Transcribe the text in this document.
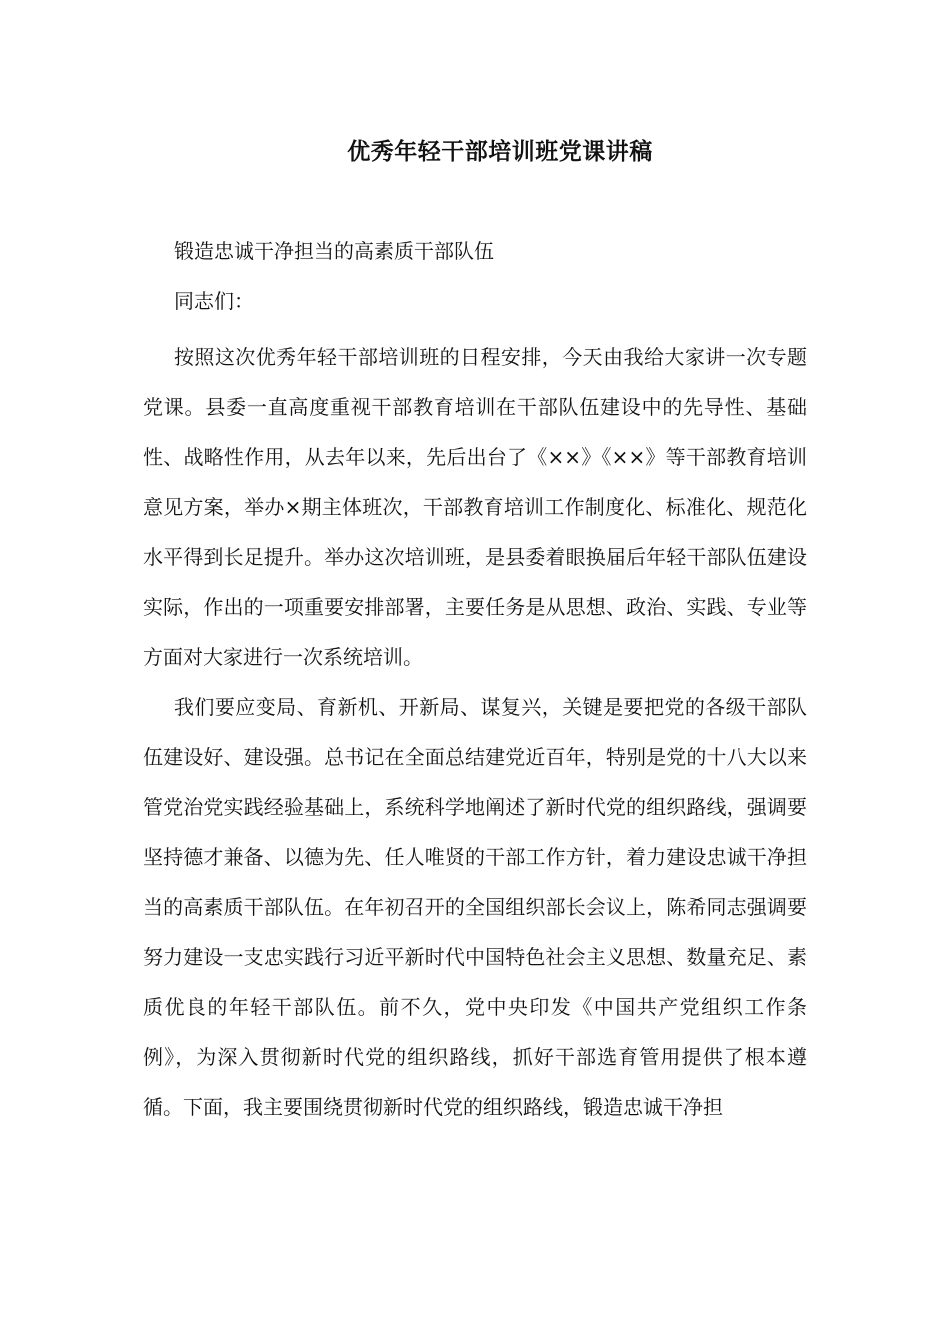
优秀年轻干部培训班党课讲稿

锻造忠诚干净担当的高素质干部队伍

同志们：

按照这次优秀年轻干部培训班的日程安排，今天由我给大家讲一次专题党课。县委一直高度重视干部教育培训在干部队伍建设中的先导性、基础性、战略性作用，从去年以来，先后出台了《××》《××》等干部教育培训意见方案，举办×期主体班次，干部教育培训工作制度化、标准化、规范化水平得到长足提升。举办这次培训班，是县委着眼换届后年轻干部队伍建设实际，作出的一项重要安排部署，主要任务是从思想、政治、实践、专业等方面对大家进行一次系统培训。

我们要应变局、育新机、开新局、谋复兴，关键是要把党的各级干部队伍建设好、建设强。总书记在全面总结建党近百年，特别是党的十八大以来管党治党实践经验基础上，系统科学地阐述了新时代党的组织路线，强调要坚持德才兼备、以德为先、任人唯贤的干部工作方针，着力建设忠诚干净担当的高素质干部队伍。在年初召开的全国组织部长会议上，陈希同志强调要努力建设一支忠实践行习近平新时代中国特色社会主义思想、数量充足、素质优良的年轻干部队伍。前不久，党中央印发《中国共产党组织工作条例》，为深入贯彻新时代党的组织路线，抓好干部选育管用提供了根本遵循。下面，我主要围绕贯彻新时代党的组织路线，锻造忠诚干净担
